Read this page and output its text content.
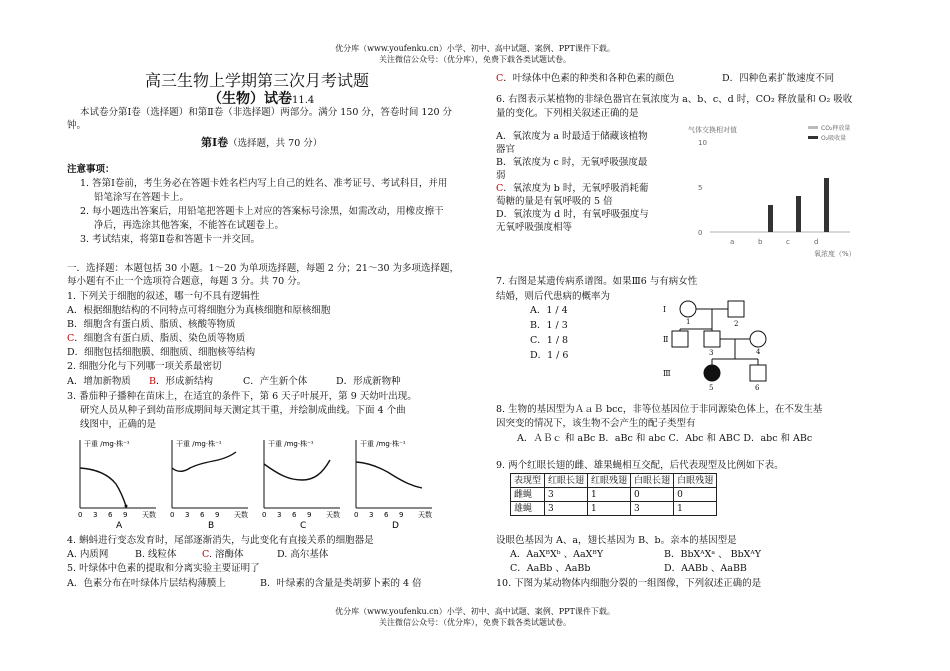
优分库（www.youfenku.cn）小学、初中、高中试题、案例、PPT课件下载。
关注微信公众号：（优分库），免费下载各类试题试卷。
高三生物上学期第三次月考试题
（生物）试卷11.4
本试卷分第Ⅰ卷（选择题）和第Ⅱ卷（非选择题）两部分。满分 150 分，答卷时间 120 分
钟。
第Ⅰ卷（选择题，共 70 分）
注意事项：
1. 答第Ⅰ卷前，考生务必在答题卡姓名栏内写上自己的姓名、准考证号、考试科目，并用
铅笔涂写在答题卡上。
2. 每小题选出答案后，用铅笔把答题卡上对应的答案标号涂黑，如需改动，用橡皮擦干
净后，再选涂其他答案，不能答在试题卷上。
3. 考试结束，将第Ⅱ卷和答题卡一并交回。
一．选择题：本题包括 30 小题。1～20 为单项选择题，每题 2 分；21～30 为多项选择题，
每小题有不止一个选项符合题意，每题 3 分。共 70 分。
1. 下列关于细胞的叙述，哪一句不具有逻辑性
A．根据细胞结构的不同特点可将细胞分为真核细胞和原核细胞
B．细胞含有蛋白质、脂质、核酸等物质
C．细胞含有蛋白质、脂质、染色质等物质
D．细胞包括细胞膜、细胞质、细胞核等结构
2. 细胞分化与下列哪一项关系最密切
A．增加新物质 B．形成新结构	C．产生新个体	D．形成新物种
3. 番茄种子播种在苗床上，在适宜的条件下，第 6 天子叶展开，第 9 天幼叶出现。
研究人员从种子到幼苗形成期间每天测定其干重，并绘制成曲线。下面 4 个曲
线图中，正确的是
干重 /mg·株⁻¹
0 3 6 9 天数
A
干重 /mg·株⁻¹
0 3 6 9 天数
B
干重 /mg·株⁻¹
0 3 6 9 天数
C
干重 /mg·株⁻¹
0 3 6 9 天数
D
4. 蝌蚪进行变态发育时，尾部逐渐消失，与此变化有直接关系的细胞器是
A. 内质网	B. 线粒体	C. 溶酶体	D. 高尔基体
5. 叶绿体中色素的提取和分离实验主要证明了
A．色素分布在叶绿体片层结构薄膜上	B．叶绿素的含量是类胡萝卜素的 4 倍
C．叶绿体中色素的种类和各种色素的颜色	D．四种色素扩散速度不同
6. 右图表示某植物的非绿色器官在氧浓度为 a、b、c、d 时，CO₂ 释放量和 O₂ 吸收
量的变化。下列相关叙述正确的是
A．氧浓度为 a 时最适于储藏该植物
器官
B．氧浓度为 c 时，无氧呼吸强度最
弱
C．氧浓度为 b 时，无氧呼吸消耗葡
萄糖的量是有氧呼吸的 5 倍
D．氧浓度为 d 时，有氧呼吸强度与
无氧呼吸强度相等
气体交换相对值
0
5
10
a	b	c	d
氧浓度（%）
CO₂释放量
O₂吸收量
7. 右图是某遗传病系谱图。如果Ⅲ6 与有病女性
结婚，则后代患病的概率为
A．1 / 4
B．1 / 3
C．1 / 8
D．1 / 6
Ⅰ
Ⅱ
Ⅲ
1	2
3	4
5	6
8. 生物的基因型为ＡａＢ bcc，非等位基因位于非同源染色体上，在不发生基
因突变的情况下，该生物不会产生的配子类型有
A．ＡＢｃ 和 aBc B．aBc 和 abc C．Abc 和 ABC D．abc 和 ABc
9. 两个红眼长翅的雌、雄果蝇相互交配，后代表现型及比例如下表。
表现型	红眼长翅	红眼残翅	白眼长翅	白眼残翅
雌蝇	3	1	0	0
雄蝇	3	1	3	1
设眼色基因为 A、a，翅长基因为 B、b。亲本的基因型是
A．AaXᴮXᵇ 、AaXᴮY	B．BbXᴬXᵃ 、 BbXᴬY
C．AaBb 、AaBb	D．AABb 、AaBB
10. 下图为某动物体内细胞分裂的一组图像，下列叙述正确的是
优分库（www.youfenku.cn）小学、初中、高中试题、案例、PPT课件下载。
关注微信公众号：（优分库），免费下载各类试题试卷。
